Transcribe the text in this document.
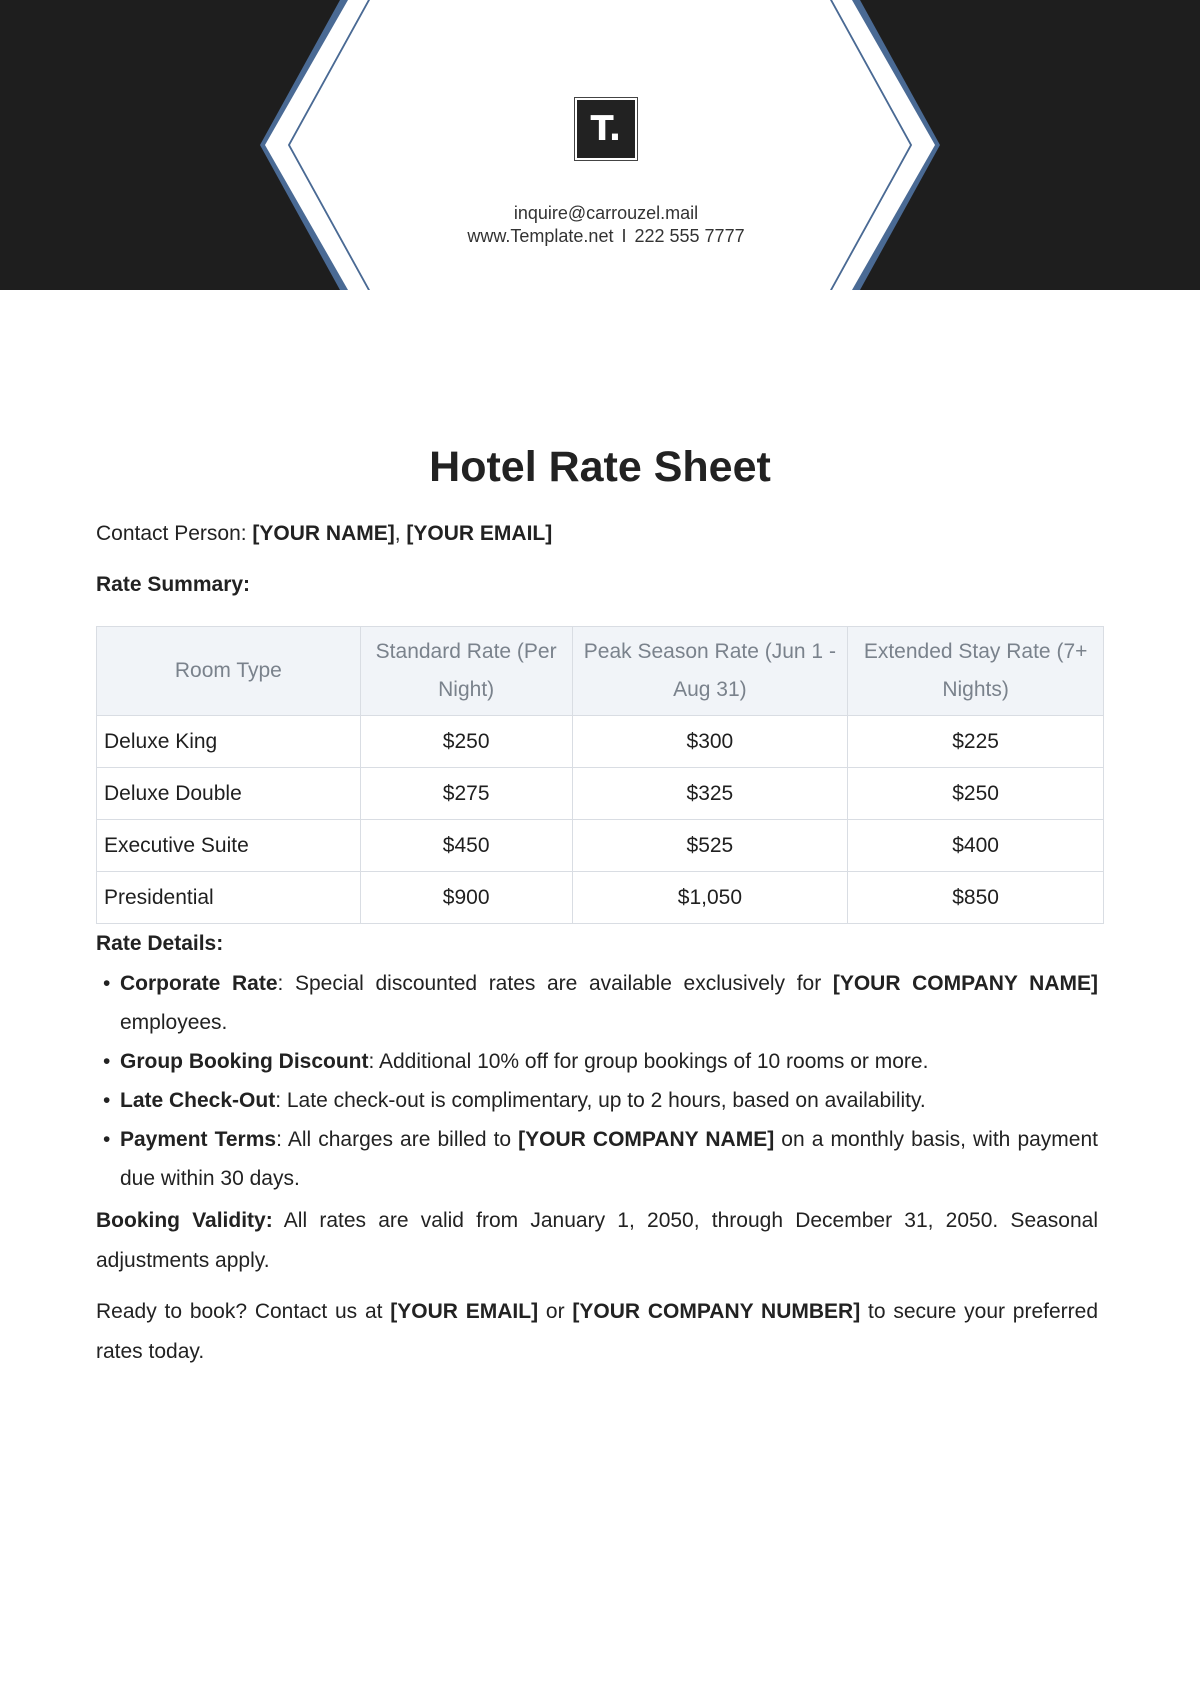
T.
inquire@carrouzel.mail
www.Template.net I 222 555 7777
Hotel Rate Sheet
Contact Person: [YOUR NAME], [YOUR EMAIL]
Rate Summary:
Room Type	Standard Rate (Per Night)	Peak Season Rate (Jun 1 - Aug 31)	Extended Stay Rate (7+ Nights)
Deluxe King	$250	$300	$225
Deluxe Double	$275	$325	$250
Executive Suite	$450	$525	$400
Presidential	$900	$1,050	$850
Rate Details:
• Corporate Rate: Special discounted rates are available exclusively for [YOUR COMPANY NAME] employees.
• Group Booking Discount: Additional 10% off for group bookings of 10 rooms or more.
• Late Check-Out: Late check-out is complimentary, up to 2 hours, based on availability.
• Payment Terms: All charges are billed to [YOUR COMPANY NAME] on a monthly basis, with payment due within 30 days.
Booking Validity: All rates are valid from January 1, 2050, through December 31, 2050. Seasonal adjustments apply.
Ready to book? Contact us at [YOUR EMAIL] or [YOUR COMPANY NUMBER] to secure your preferred rates today.
